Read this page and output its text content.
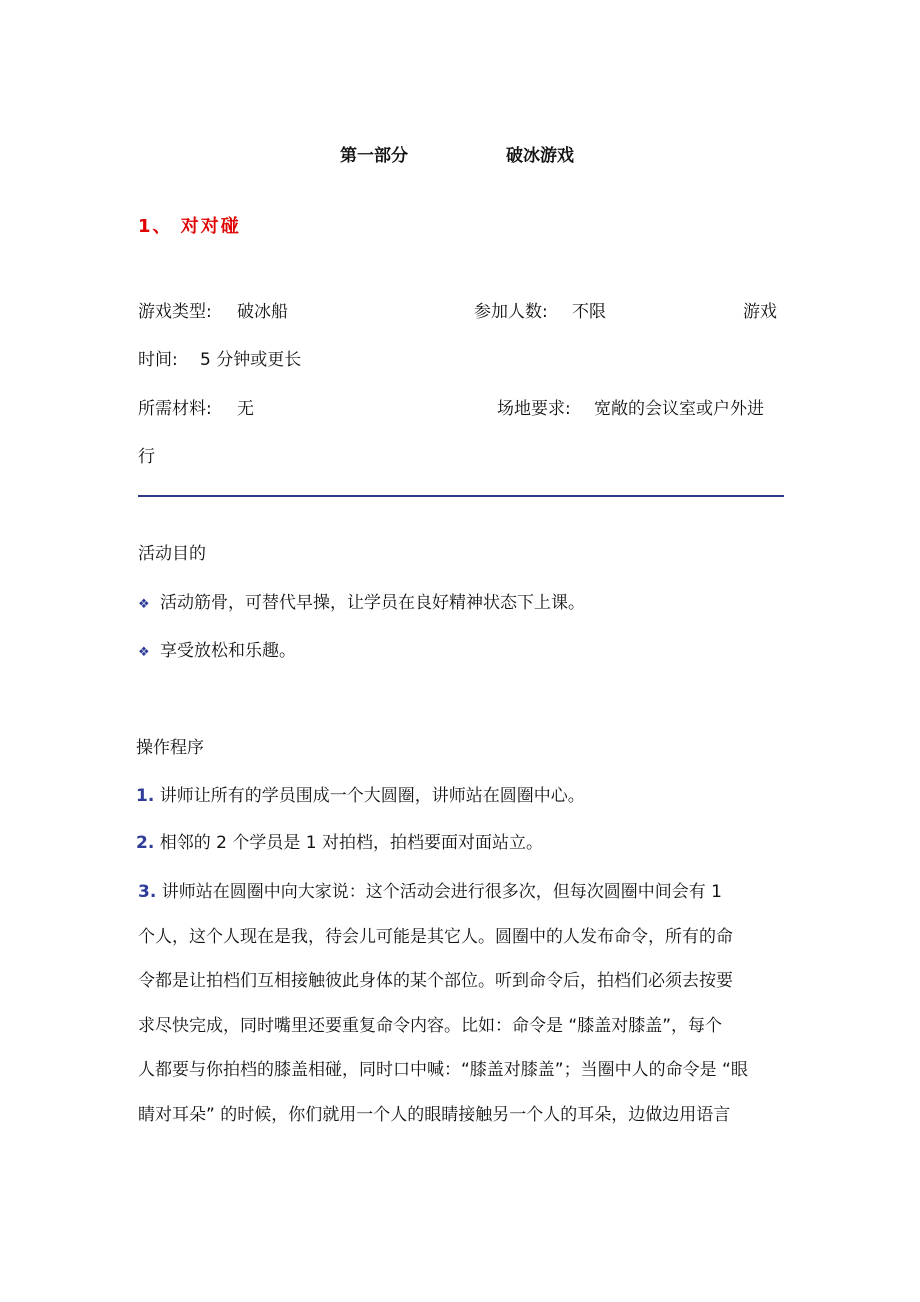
第一部分	破冰游戏
1、 对对碰
游戏类型: 破冰船	参加人数: 不限	游戏
时间: 5 分钟或更长
所需材料: 无	场地要求: 宽敞的会议室或户外进
行
活动目的
❖ 活动筋骨，可替代早操，让学员在良好精神状态下上课。
❖ 享受放松和乐趣。
操作程序
1. 讲师让所有的学员围成一个大圆圈，讲师站在圆圈中心。
2. 相邻的 2 个学员是 1 对拍档，拍档要面对面站立。
3. 讲师站在圆圈中向大家说：这个活动会进行很多次，但每次圆圈中间会有 1
个人，这个人现在是我，待会儿可能是其它人。圆圈中的人发布命令，所有的命
令都是让拍档们互相接触彼此身体的某个部位。听到命令后，拍档们必须去按要
求尽快完成，同时嘴里还要重复命令内容。比如：命令是 “膝盖对膝盖”，每个
人都要与你拍档的膝盖相碰，同时口中喊：“膝盖对膝盖”；当圈中人的命令是 “眼
睛对耳朵” 的时候，你们就用一个人的眼睛接触另一个人的耳朵，边做边用语言
